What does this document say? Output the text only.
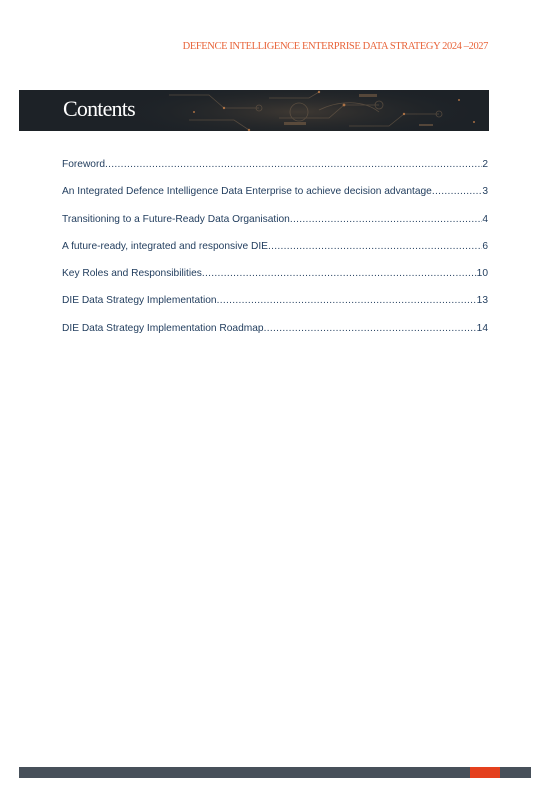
DEFENCE INTELLIGENCE ENTERPRISE DATA STRATEGY 2024 –2027
Contents
Foreword .....	2
An Integrated Defence Intelligence Data Enterprise to achieve decision advantage .....	3
Transitioning to a Future-Ready Data Organisation .....	4
A future-ready, integrated and responsive DIE .....	6
Key Roles and Responsibilities .....	10
DIE Data Strategy Implementation .....	13
DIE Data Strategy Implementation Roadmap .....	14
